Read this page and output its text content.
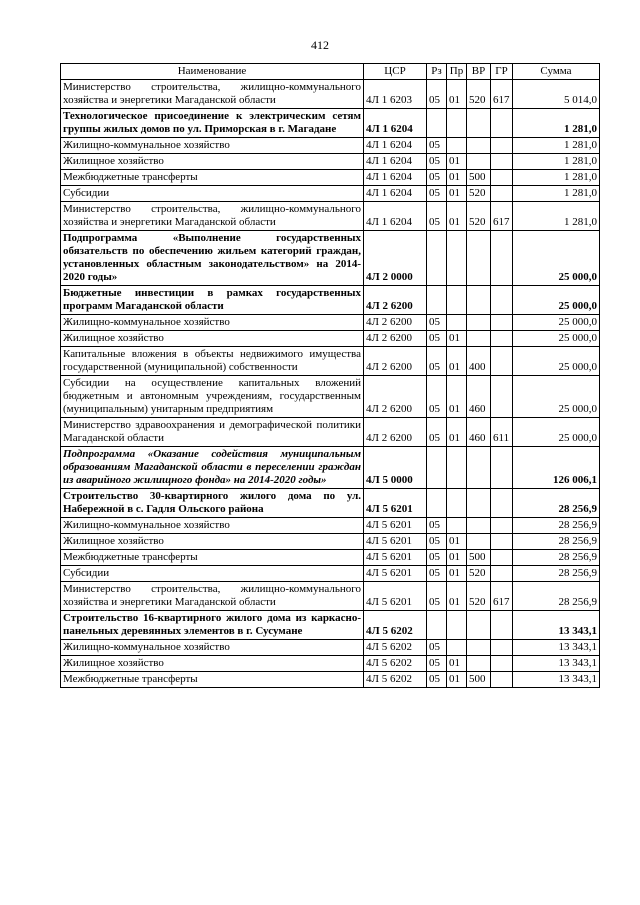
412
Наименование	ЦСР	Рз	Пр	ВР	ГР	Сумма
Министерство строительства, жилищно-коммунального хозяйства и энергетики Магаданской области	4Л 1 6203	05	01	520	617	5 014,0
Технологическое присоединение к электрическим сетям группы жилых домов по ул. Приморская в г. Магадане	4Л 1 6204					1 281,0
Жилищно-коммунальное хозяйство	4Л 1 6204	05				1 281,0
Жилищное хозяйство	4Л 1 6204	05	01			1 281,0
Межбюджетные трансферты	4Л 1 6204	05	01	500		1 281,0
Субсидии	4Л 1 6204	05	01	520		1 281,0
Министерство строительства, жилищно-коммунального хозяйства и энергетики Магаданской области	4Л 1 6204	05	01	520	617	1 281,0
Подпрограмма «Выполнение государственных обязательств по обеспечению жильем категорий граждан, установленных областным законодательством» на 2014-2020 годы»	4Л 2 0000					25 000,0
Бюджетные инвестиции в рамках государственных программ Магаданской области	4Л 2 6200					25 000,0
Жилищно-коммунальное хозяйство	4Л 2 6200	05				25 000,0
Жилищное хозяйство	4Л 2 6200	05	01			25 000,0
Капитальные вложения в объекты недвижимого имущества государственной (муниципальной) собственности	4Л 2 6200	05	01	400		25 000,0
Субсидии на осуществление капитальных вложений бюджетным и автономным учреждениям, государственным (муниципальным) унитарным предприятиям	4Л 2 6200	05	01	460		25 000,0
Министерство здравоохранения и демографической политики Магаданской области	4Л 2 6200	05	01	460	611	25 000,0
Подпрограмма «Оказание содействия муниципальным образованиям Магаданской области в переселении граждан из аварийного жилищного фонда» на 2014-2020 годы»	4Л 5 0000					126 006,1
Строительство 30-квартирного жилого дома по ул. Набережной в с. Гадля Ольского района	4Л 5 6201					28 256,9
Жилищно-коммунальное хозяйство	4Л 5 6201	05				28 256,9
Жилищное хозяйство	4Л 5 6201	05	01			28 256,9
Межбюджетные трансферты	4Л 5 6201	05	01	500		28 256,9
Субсидии	4Л 5 6201	05	01	520		28 256,9
Министерство строительства, жилищно-коммунального хозяйства и энергетики Магаданской области	4Л 5 6201	05	01	520	617	28 256,9
Строительство 16-квартирного жилого дома из каркасно-панельных деревянных элементов в г. Сусумане	4Л 5 6202					13 343,1
Жилищно-коммунальное хозяйство	4Л 5 6202	05				13 343,1
Жилищное хозяйство	4Л 5 6202	05	01			13 343,1
Межбюджетные трансферты	4Л 5 6202	05	01	500		13 343,1
